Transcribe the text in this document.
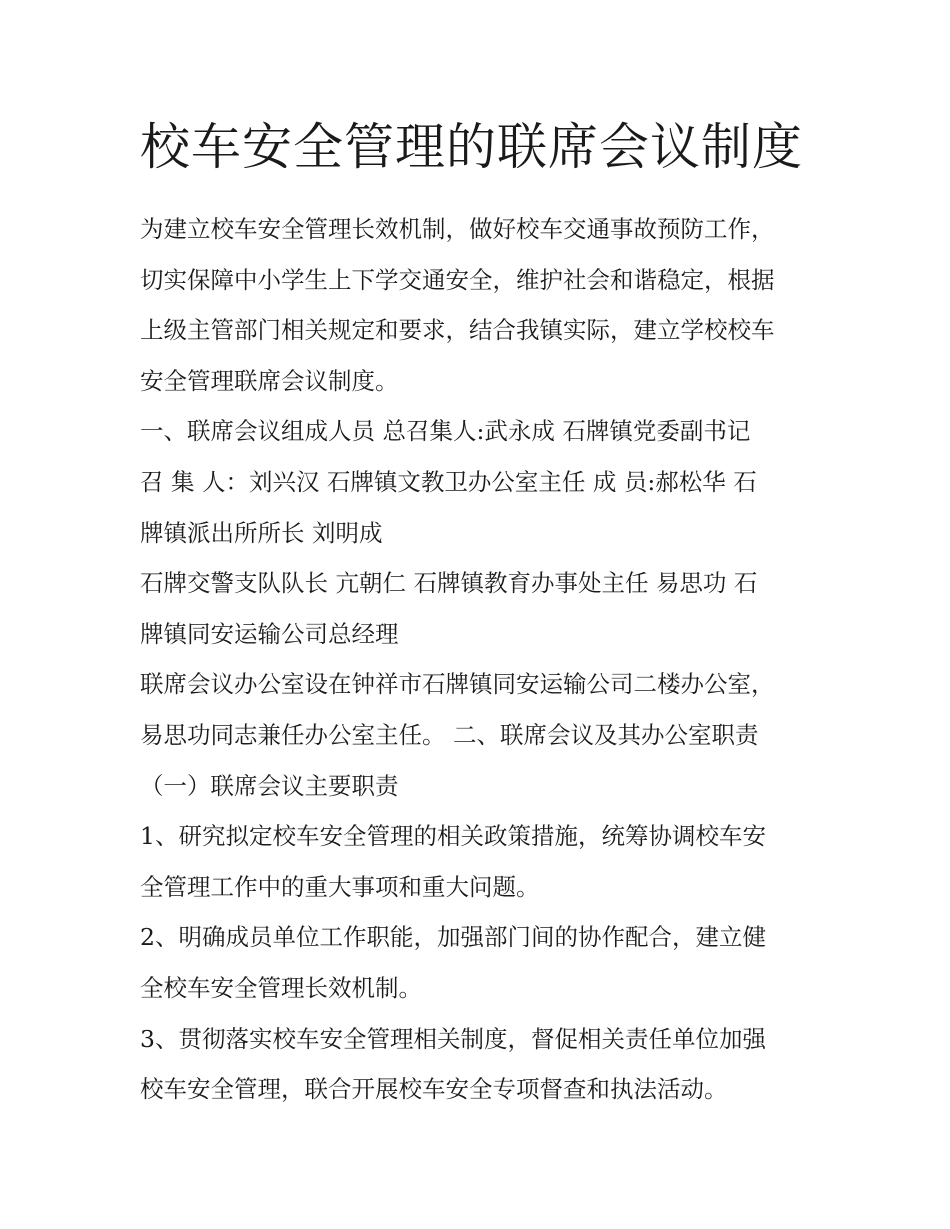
校车安全管理的联席会议制度
为建立校车安全管理长效机制，做好校车交通事故预防工作，
切实保障中小学生上下学交通安全，维护社会和谐稳定，根据
上级主管部门相关规定和要求，结合我镇实际，建立学校校车
安全管理联席会议制度。
一、联席会议组成人员 总召集人:武永成 石牌镇党委副书记
召 集 人：刘兴汉 石牌镇文教卫办公室主任 成 员:郝松华 石
牌镇派出所所长 刘明成
石牌交警支队队长 亢朝仁 石牌镇教育办事处主任 易思功 石
牌镇同安运输公司总经理
联席会议办公室设在钟祥市石牌镇同安运输公司二楼办公室，
易思功同志兼任办公室主任。 二、联席会议及其办公室职责
（一）联席会议主要职责
1、研究拟定校车安全管理的相关政策措施，统筹协调校车安
全管理工作中的重大事项和重大问题。
2、明确成员单位工作职能，加强部门间的协作配合，建立健
全校车安全管理长效机制。
3、贯彻落实校车安全管理相关制度，督促相关责任单位加强
校车安全管理，联合开展校车安全专项督查和执法活动。
